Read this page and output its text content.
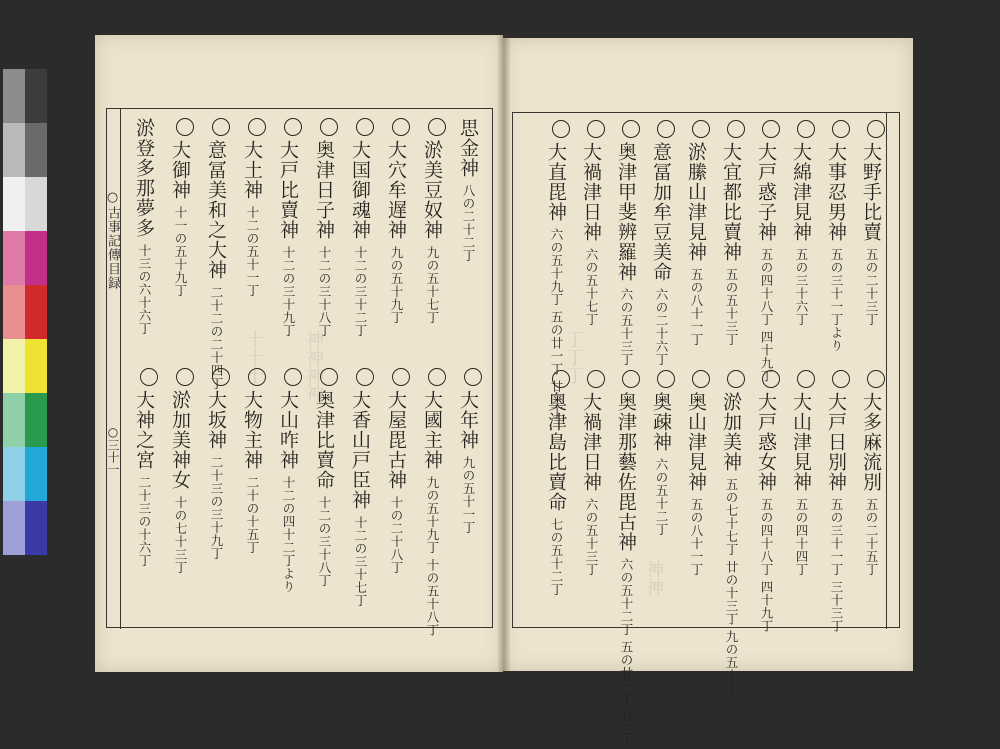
神神神神
十十十	丁丁丁
神神
○古事記傳目録
○三十一
思金神八の二十二丁
淤美豆奴神九の五十七丁
大穴牟遅神九の五十九丁
大国御魂神十二の三十二丁
奥津日子神十二の三十八丁
大戸比賣神十二の三十九丁
大土神十二の五十一丁
意冨美和之大神二十二の二十四丁
大御神十一の五十九丁
淤登多那夢多十三の六十六丁
大年神九の五十一丁
大國主神九の五十九丁 十の五十八丁
大屋毘古神十の二十八丁
大香山戸臣神十二の三十七丁
奥津比賣命十二の三十八丁
大山咋神十二の四十二丁より
大物主神二十の十五丁
大坂神二十三の三十九丁
淤加美神女十の七十三丁
大神之宮二十三の十六丁
大野手比賣五の二十三丁
大事忍男神五の三十一丁より
大綿津見神五の三十六丁
大戸惑子神五の四十八丁 四十九丁
大宜都比賣神五の五十三丁
淤縢山津見神五の八十一丁
意冨加牟豆美命六の二十六丁
奥津甲斐辨羅神六の五十三丁
大禍津日神六の五十七丁
大直毘神六の五十九丁 五の廿一丁 廿三丁
大多麻流別五の二十五丁
大戸日別神五の三十一丁 三十三丁
大山津見神五の四十四丁
大戸惑女神五の四十八丁 四十九丁
淤加美神五の七十七丁 廿の十三丁 九の五十丁
奥山津見神五の八十一丁
奥疎神六の五十二丁
奥津那藝佐毘古神六の五十二丁 五の廿一丁 廿三丁
大禍津日神六の五十三丁
奥津島比賣命七の五十二丁
